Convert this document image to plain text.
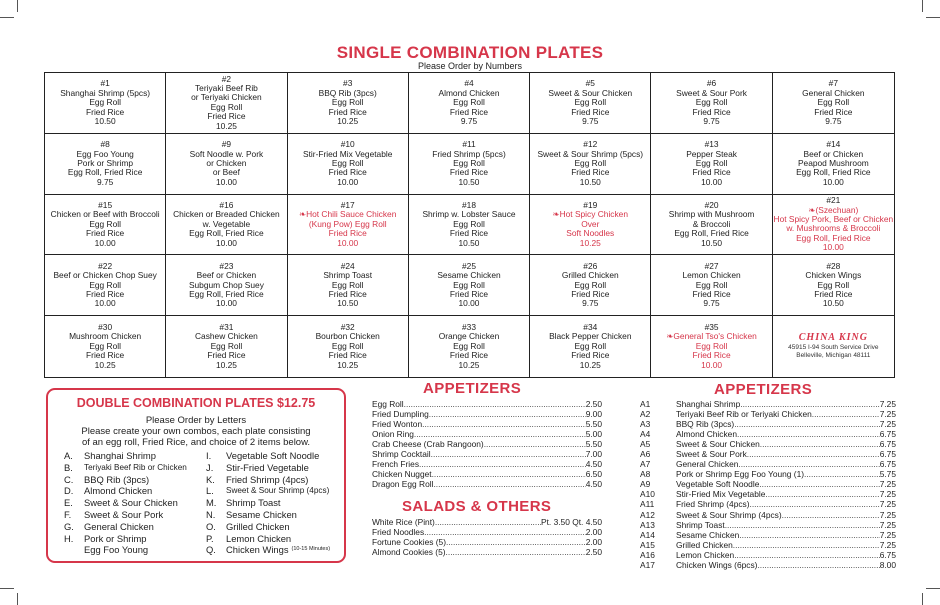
SINGLE COMBINATION PLATES
Please Order by Numbers
#1
Shanghai Shrimp (5pcs)
Egg Roll
Fried Rice
10.50
#2
Teriyaki Beef Rib
or Teriyaki Chicken
Egg Roll
Fried Rice
10.25
#3
BBQ Rib (3pcs)
Egg Roll
Fried Rice
10.25
#4
Almond Chicken
Egg Roll
Fried Rice
9.75
#5
Sweet & Sour Chicken
Egg Roll
Fried Rice
9.75
#6
Sweet & Sour Pork
Egg Roll
Fried Rice
9.75
#7
General Chicken
Egg Roll
Fried Rice
9.75
#8
Egg Foo Young
Pork or Shrimp
Egg Roll, Fried Rice
9.75
#9
Soft Noodle w. Pork
or Chicken
or Beef
10.00
#10
Stir-Fried Mix Vegetable
Egg Roll
Fried Rice
10.00
#11
Fried Shrimp (5pcs)
Egg Roll
Fried Rice
10.50
#12
Sweet & Sour Shrimp (5pcs)
Egg Roll
Fried Rice
10.50
#13
Pepper Steak
Egg Roll
Fried Rice
10.00
#14
Beef or Chicken
Peapod Mushroom
Egg Roll, Fried Rice
10.00
#15
Chicken or Beef with Broccoli
Egg Roll
Fried Rice
10.00
#16
Chicken or Breaded Chicken
w. Vegetable
Egg Roll, Fried Rice
10.00
#17
❧ Hot Chili Sauce Chicken
(Kung Pow) Egg Roll
Fried Rice
10.00
#18
Shrimp w. Lobster Sauce
Egg Roll
Fried Rice
10.50
#19
❧ Hot Spicy Chicken
Over
Soft Noodles
10.25
#20
Shrimp with Mushroom
& Broccoli
Egg Roll, Fried Rice
10.50
#21
❧ (Szechuan)
Hot Spicy Pork, Beef or Chicken
w. Mushrooms & Broccoli
Egg Roll, Fried Rice
10.00
#22
Beef or Chicken Chop Suey
Egg Roll
Fried Rice
10.00
#23
Beef or Chicken
Subgum Chop Suey
Egg Roll, Fried Rice
10.00
#24
Shrimp Toast
Egg Roll
Fried Rice
10.50
#25
Sesame Chicken
Egg Roll
Fried Rice
10.00
#26
Grilled Chicken
Egg Roll
Fried Rice
9.75
#27
Lemon Chicken
Egg Roll
Fried Rice
9.75
#28
Chicken Wings
Egg Roll
Fried Rice
10.50
#30
Mushroom Chicken
Egg Roll
Fried Rice
10.25
#31
Cashew Chicken
Egg Roll
Fried Rice
10.25
#32
Bourbon Chicken
Egg Roll
Fried Rice
10.25
#33
Orange Chicken
Egg Roll
Fried Rice
10.25
#34
Black Pepper Chicken
Egg Roll
Fried Rice
10.25
#35
❧ General Tso's Chicken
Egg Roll
Fried Rice
10.00
CHINA KING
45915 I-94 South Service Drive
Belleville, Michigan 48111
DOUBLE COMBINATION PLATES $12.75
Please Order by Letters
Please create your own combos, each plate consisting
of an egg roll, Fried Rice, and choice of 2 items below.
A.	Shanghai Shrimp
B.	Teriyaki Beef Rib or Chicken
C.	BBQ Rib (3pcs)
D.	Almond Chicken
E.	Sweet & Sour Chicken
F.	Sweet & Sour Pork
G.	General Chicken
H.	Pork or Shrimp
Egg Foo Young
I.	Vegetable Soft Noodle
J.	Stir-Fried Vegetable
K.	Fried Shrimp (4pcs)
L.	Sweet & Sour Shrimp (4pcs)
M.	Shrimp Toast
N.	Sesame Chicken
O.	Grilled Chicken
P.	Lemon Chicken
Q.	Chicken Wings (10-15 Minutes)
APPETIZERS
Egg Roll .....	2.50
Fried Dumpling .....	9.00
Fried Wonton .....	5.50
Onion Ring .....	5.00
Crab Cheese (Crab Rangoon) .....	5.50
Shrimp Cocktail .....	7.00
French Fries .....	4.50
Chicken Nugget .....	6.50
Dragon Egg Roll .....	4.50
SALADS & OTHERS
White Rice (Pint) .....	Pt. 3.50 Qt. 4.50
Fried Noodles .....	2.00
Fortune Cookies (5) .....	2.00
Almond Cookies (5) .....	2.50
APPETIZERS
A1	Shanghai Shrimp .....	7.25
A2	Teriyaki Beef Rib or Teriyaki Chicken .....	7.25
A3	BBQ Rib (3pcs) .....	7.25
A4	Almond Chicken .....	6.75
A5	Sweet & Sour Chicken .....	6.75
A6	Sweet & Sour Pork .....	6.75
A7	General Chicken .....	6.75
A8	Pork or Shrimp Egg Foo Young (1) .....	5.75
A9	Vegetable Soft Noodle .....	7.25
A10	Stir-Fried Mix Vegetable .....	7.25
A11	Fried Shrimp (4pcs) .....	7.25
A12	Sweet & Sour Shrimp (4pcs) .....	7.25
A13	Shrimp Toast .....	7.25
A14	Sesame Chicken .....	7.25
A15	Grilled Chicken .....	7.25
A16	Lemon Chicken .....	6.75
A17	Chicken Wings (6pcs) .....	8.00
